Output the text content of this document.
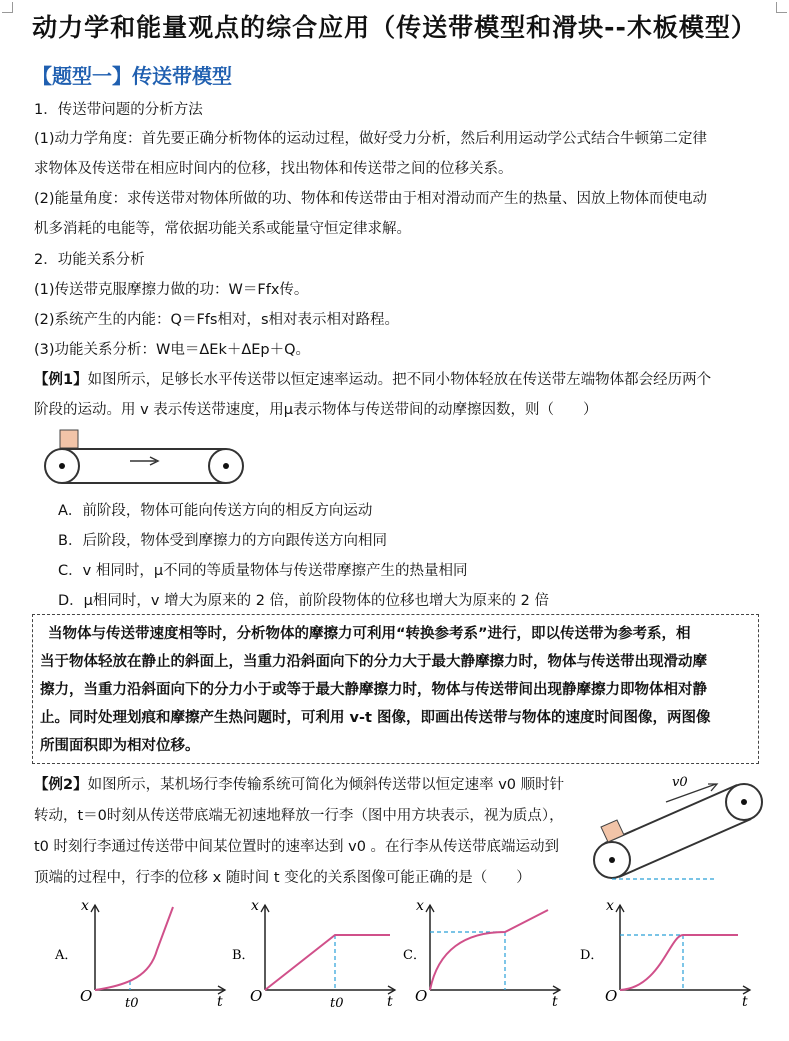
动力学和能量观点的综合应用（传送带模型和滑块--木板模型）
【题型一】传送带模型
1．传送带问题的分析方法
(1)动力学角度：首先要正确分析物体的运动过程，做好受力分析，然后利用运动学公式结合牛顿第二定律
求物体及传送带在相应时间内的位移，找出物体和传送带之间的位移关系。
(2)能量角度：求传送带对物体所做的功、物体和传送带由于相对滑动而产生的热量、因放上物体而使电动
机多消耗的电能等，常依据功能关系或能量守恒定律求解。
2．功能关系分析
(1)传送带克服摩擦力做的功：W＝Ffx传。
(2)系统产生的内能：Q＝Ffs相对，s相对表示相对路程。
(3)功能关系分析：W电＝ΔEk＋ΔEp＋Q。
【例1】如图所示，足够长水平传送带以恒定速率运动。把不同小物体轻放在传送带左端物体都会经历两个
阶段的运动。用 v 表示传送带速度，用μ表示物体与传送带间的动摩擦因数，则（　　）
A．前阶段，物体可能向传送方向的相反方向运动
B．后阶段，物体受到摩擦力的方向跟传送方向相同
C．v 相同时，μ不同的等质量物体与传送带摩擦产生的热量相同
D．μ相同时，v 增大为原来的 2 倍，前阶段物体的位移也增大为原来的 2 倍
当物体与传送带速度相等时，分析物体的摩擦力可利用“转换参考系”进行，即以传送带为参考系，相
当于物体轻放在静止的斜面上，当重力沿斜面向下的分力大于最大静摩擦力时，物体与传送带出现滑动摩
擦力，当重力沿斜面向下的分力小于或等于最大静摩擦力时，物体与传送带间出现静摩擦力即物体相对静
止。同时处理划痕和摩擦产生热问题时，可利用 v-t 图像，即画出传送带与物体的速度时间图像，两图像
所围面积即为相对位移。
【例2】如图所示，某机场行李传输系统可简化为倾斜传送带以恒定速率 v0 顺时针
转动，t＝0时刻从传送带底端无初速地释放一行李（图中用方块表示，视为质点），
t0 时刻行李通过传送带中间某位置时的速率达到 v0 。在行李从传送带底端运动到
顶端的过程中，行李的位移 x 随时间 t 变化的关系图像可能正确的是（　　）
v0
A．
x
t
O	t0
B．
x
t
O	t0
C．
x
t
O
D．
x
t
O
